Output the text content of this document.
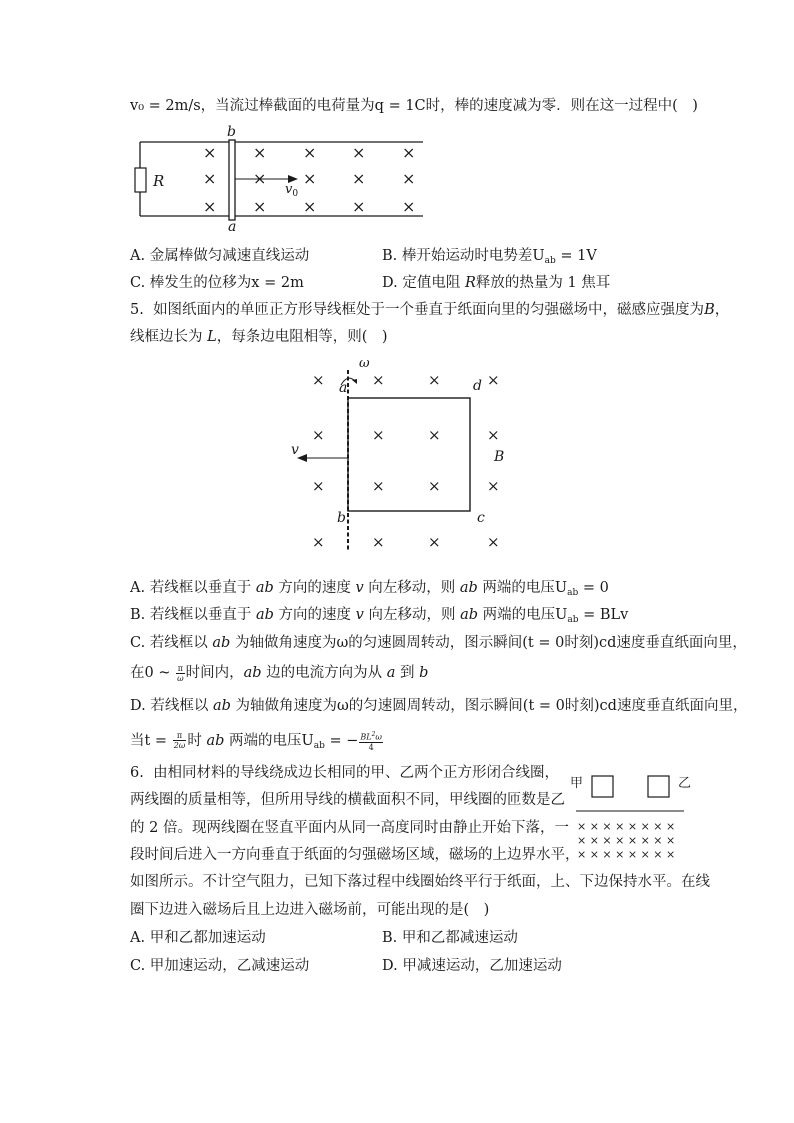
v₀ = 2m/s，当流过棒截面的电荷量为q = 1C时，棒的速度减为零．则在这一过程中(　)
R
b
a
$v_0$
× × × × ×
× × × × ×
× × × × ×
A. 金属棒做匀减速直线运动	B. 棒开始运动时电势差$U_{ab} = 1V$
C. 棒发生的位移为x = 2m	D. 定值电阻 R释放的热量为 1 焦耳
5. 如图纸面内的单匝正方形导线框处于一个垂直于纸面向里的匀强磁场中，磁感应强度为B，
线框边长为 L，每条边电阻相等，则(　)
×	×	×	×
×	×	×	×
×	×	×	×
×	×	×	×
ω
a	d
b	c
v	B
A. 若线框以垂直于 ab 方向的速度 v 向左移动，则 ab 两端的电压$U_{ab} = 0$
B. 若线框以垂直于 ab 方向的速度 v 向左移动，则 ab 两端的电压$U_{ab}$ = BLv
C. 若线框以 ab 为轴做角速度为ω的匀速圆周转动，图示瞬间(t = 0时刻)cd速度垂直纸面向里，
在0 ~ $\frac{\pi}{\omega}$ 时间内，ab 边的电流方向为从 a 到 b
D. 若线框以 ab 为轴做角速度为ω的匀速圆周转动，图示瞬间(t = 0时刻)cd速度垂直纸面向里，
当$t = \frac{\pi}{2\omega}$ 时 ab 两端的电压$U_{ab}$ = − $\frac{BL^2\omega}{4}$
6. 由相同材料的导线绕成边长相同的甲、乙两个正方形闭合线圈，
两线圈的质量相等，但所用导线的横截面积不同，甲线圈的匝数是乙
的 2 倍。现两线圈在竖直平面内从同一高度同时由静止开始下落，一
段时间后进入一方向垂直于纸面的匀强磁场区域，磁场的上边界水平，
如图所示。不计空气阻力，已知下落过程中线圈始终平行于纸面，上、下边保持水平。在线
圈下边进入磁场后且上边进入磁场前，可能出现的是(　)
甲	乙
× × × × × × × ×
× × × × × × × ×
× × × × × × × ×
A. 甲和乙都加速运动	B. 甲和乙都减速运动
C. 甲加速运动，乙减速运动	D. 甲减速运动，乙加速运动
